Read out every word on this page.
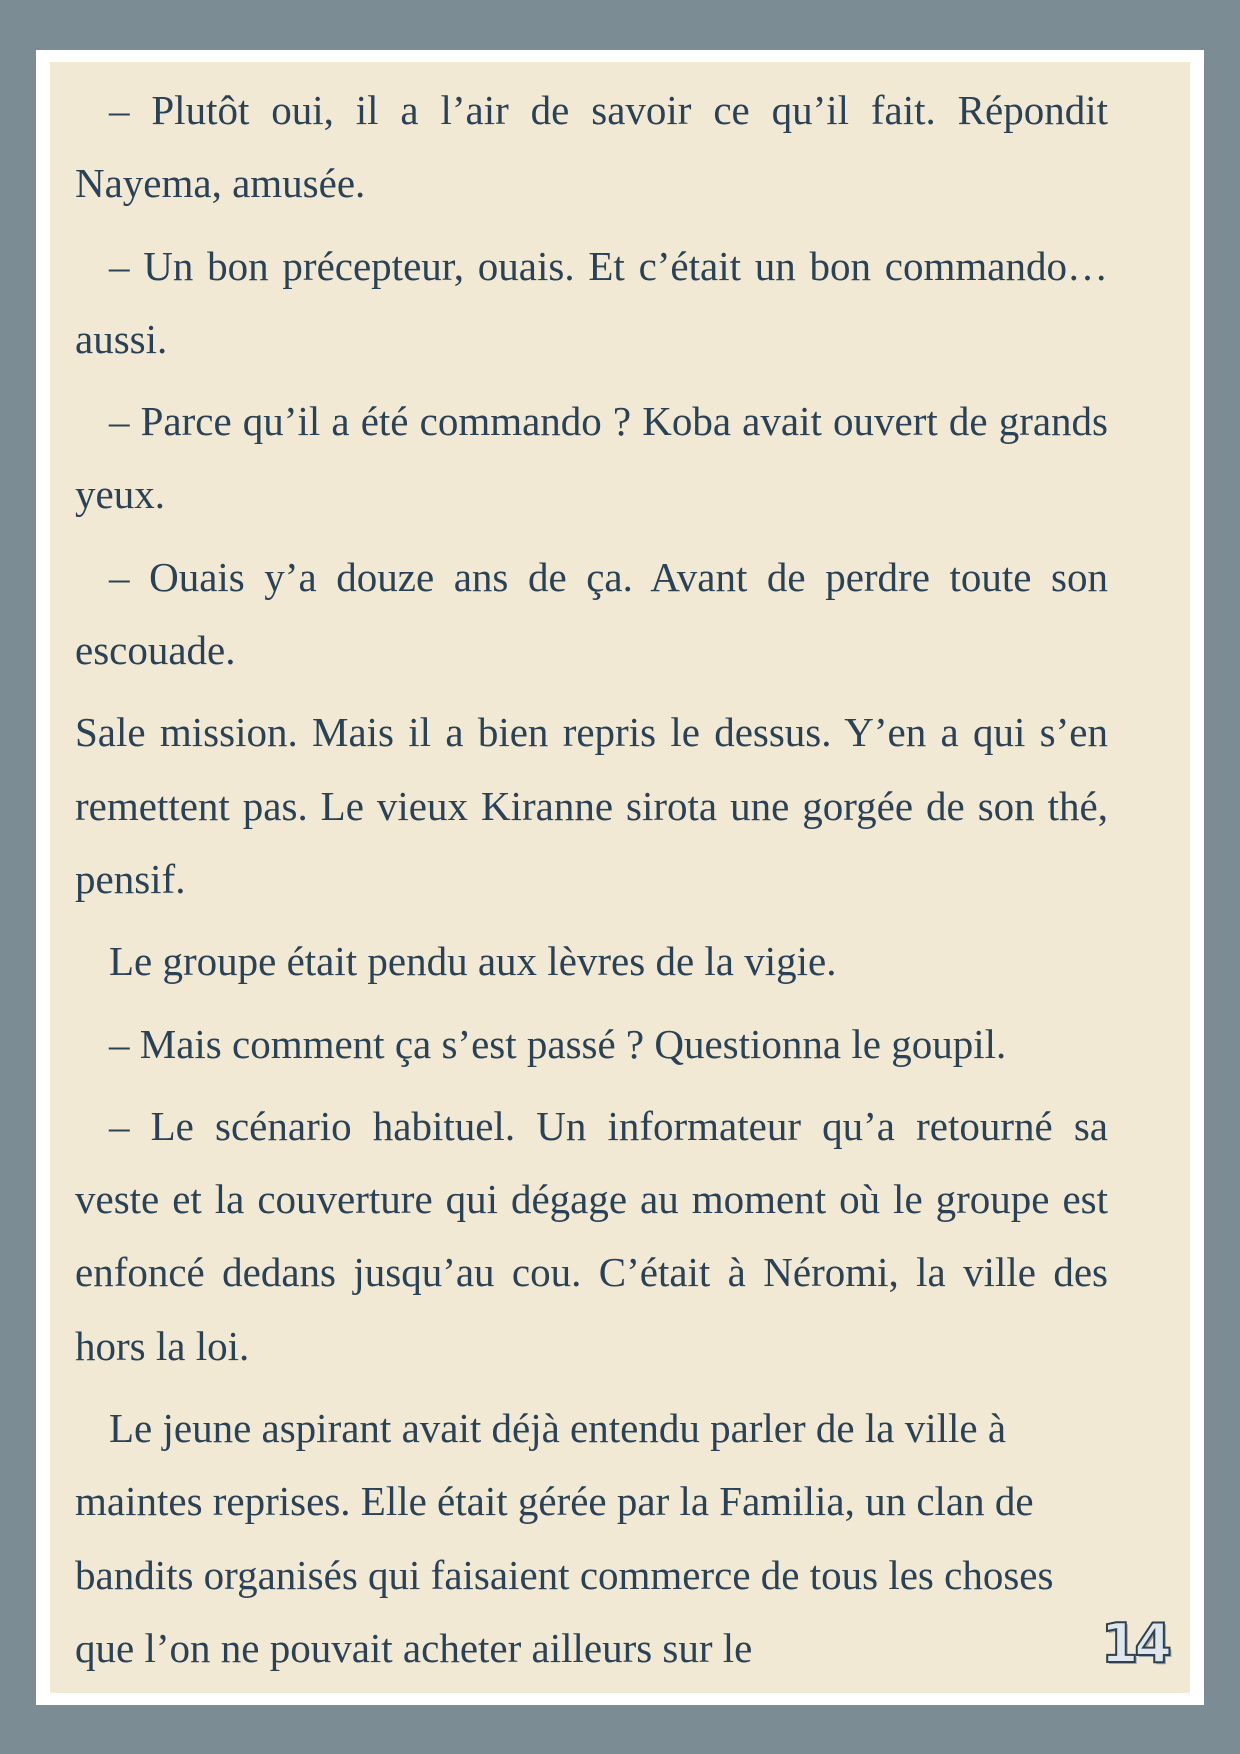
– Plutôt oui, il a l’air de savoir ce qu’il fait. Répondit Nayema, amusée.

– Un bon précepteur, ouais. Et c’était un bon commando… aussi.

– Parce qu’il a été commando ? Koba avait ouvert de grands yeux.

– Ouais y’a douze ans de ça. Avant de perdre toute son escouade.

Sale mission. Mais il a bien repris le dessus. Y’en a qui s’en remettent pas. Le vieux Kiranne sirota une gorgée de son thé, pensif.

Le groupe était pendu aux lèvres de la vigie.

– Mais comment ça s’est passé ? Questionna le goupil.

– Le scénario habituel. Un informateur qu’a retourné sa veste et la couverture qui dégage au moment où le groupe est enfoncé dedans jusqu’au cou. C’était à Néromi, la ville des hors la loi.

Le jeune aspirant avait déjà entendu parler de la ville à maintes reprises. Elle était gérée par la Familia, un clan de bandits organisés qui faisaient commerce de tous les choses que l’on ne pouvait acheter ailleurs sur le	14
